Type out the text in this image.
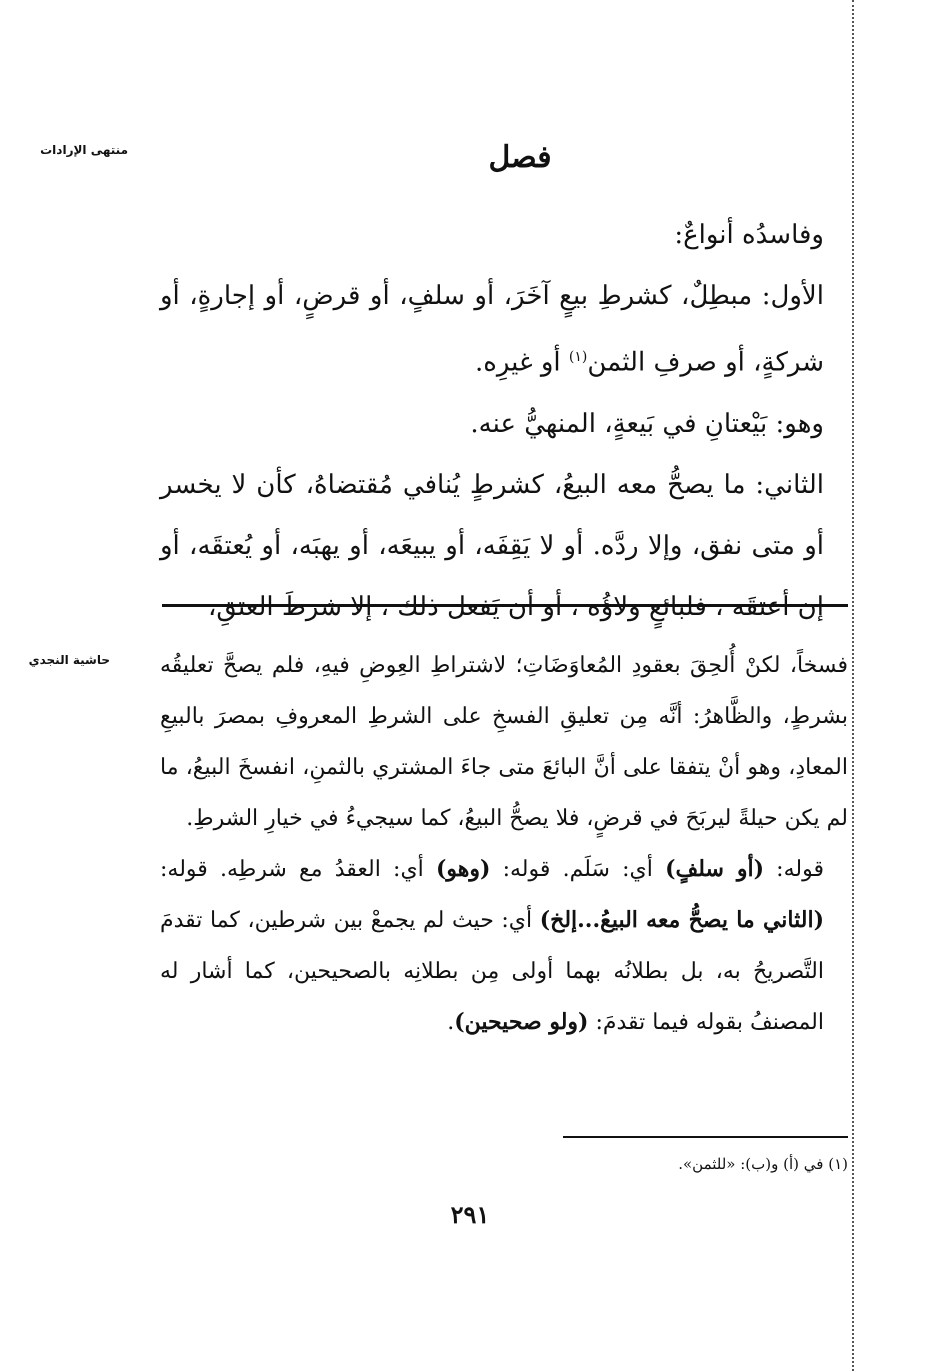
منتهى الإرادات	فصل

وفاسدُه أنواعٌ:

الأول: مبطِلٌ، كشرطِ بيعٍ آخَرَ، أو سلفٍ، أو قرضٍ، أو إجارةٍ، أو شركةٍ، أو صرفِ الثمن$^{(١)}$ أو غيرِه.

وهو: بَيْعتانِ في بَيعةٍ، المنهيُّ عنه.

الثاني: ما يصحُّ معه البيعُ، كشرطٍ يُنافي مُقتضاهُ، كأن لا يخسر أو متى نفق، وإلا ردَّه. أو لا يَقِفَه، أو يبيعَه، أو يهبَه، أو يُعتقَه، أو إن أعتقَه ، فلبائعٍ ولاؤُه ، أو أن يَفعل ذلك ، إلا شرطَ العتقِ،

حاشية النجدي فسخاً، لكنْ أُلحِقَ بعقودِ المُعاوَضَاتِ؛ لاشتراطِ العِوضِ فيهِ، فلم يصحَّ تعليقُه بشرطٍ، والظَّاهرُ: أنَّه مِن تعليقِ الفسخِ على الشرطِ المعروفِ بمصرَ بالبيعِ المعادِ، وهو أنْ يتفقا على أنَّ البائعَ متى جاءَ المشتري بالثمنِ، انفسخَ البيعُ، ما لم يكن حيلةً ليربَحَ في قرضٍ، فلا يصحُّ البيعُ، كما سيجيءُ في خيارِ الشرطِ.

قوله: (أو سلفٍ) أي: سَلَم. قوله: (وهو) أي: العقدُ مع شرطِه. قوله: (الثاني ما يصحُّ معه البيعُ...إلخ) أي: حيث لم يجمعْ بين شرطين، كما تقدمَ التَّصريحُ به، بل بطلانُه بهما أولى مِن بطلانِه بالصحيحين، كما أشار له المصنفُ بقوله فيما تقدمَ: (ولو صحيحين).

(١) في (أ) و(ب): «للثمن».
٢٩١
